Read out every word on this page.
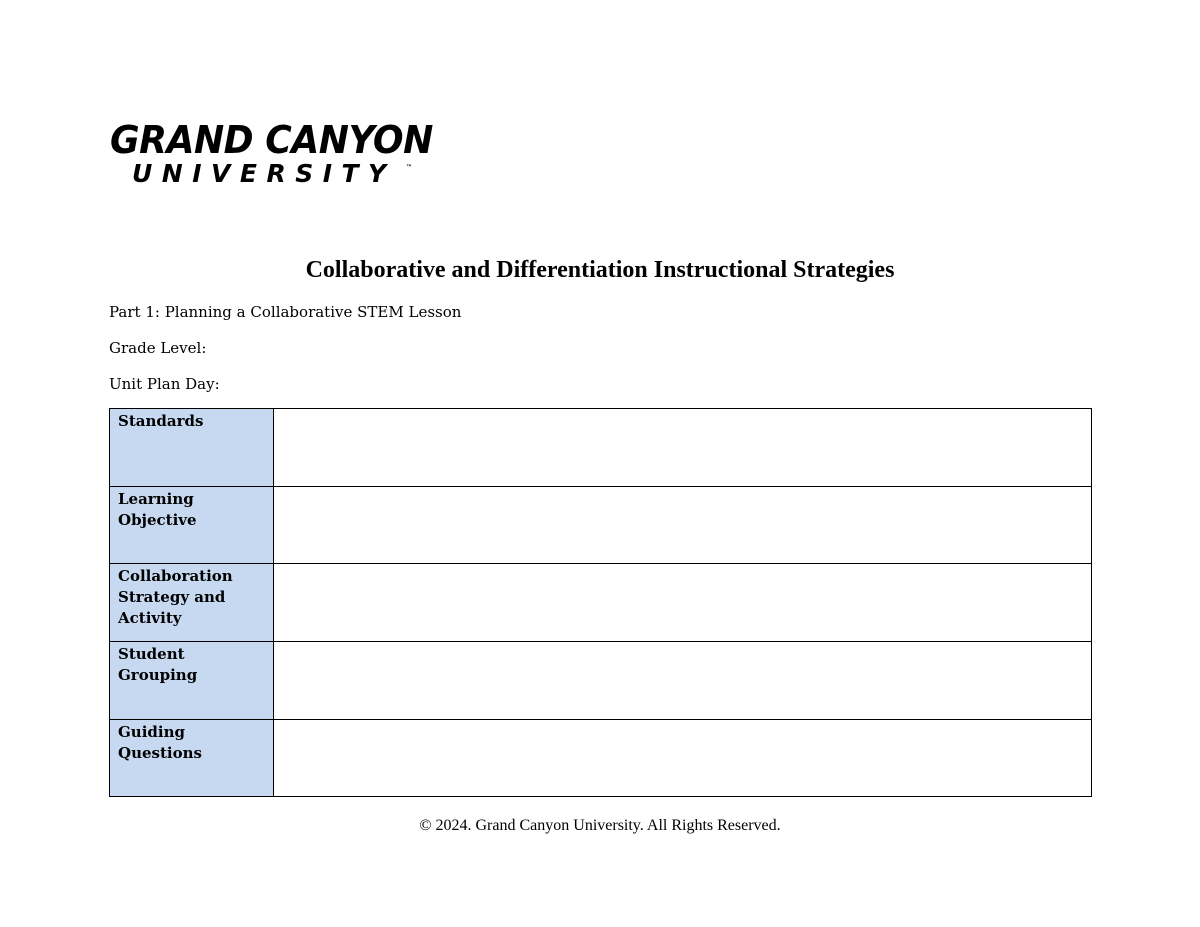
GRAND CANYON
UNIVERSITY ™
Collaborative and Differentiation Instructional Strategies
Part 1: Planning a Collaborative STEM Lesson
Grade Level:
Unit Plan Day:
Standards	
Learning Objective	
Collaboration Strategy and Activity	
Student Grouping	
Guiding Questions	
© 2024. Grand Canyon University. All Rights Reserved.
